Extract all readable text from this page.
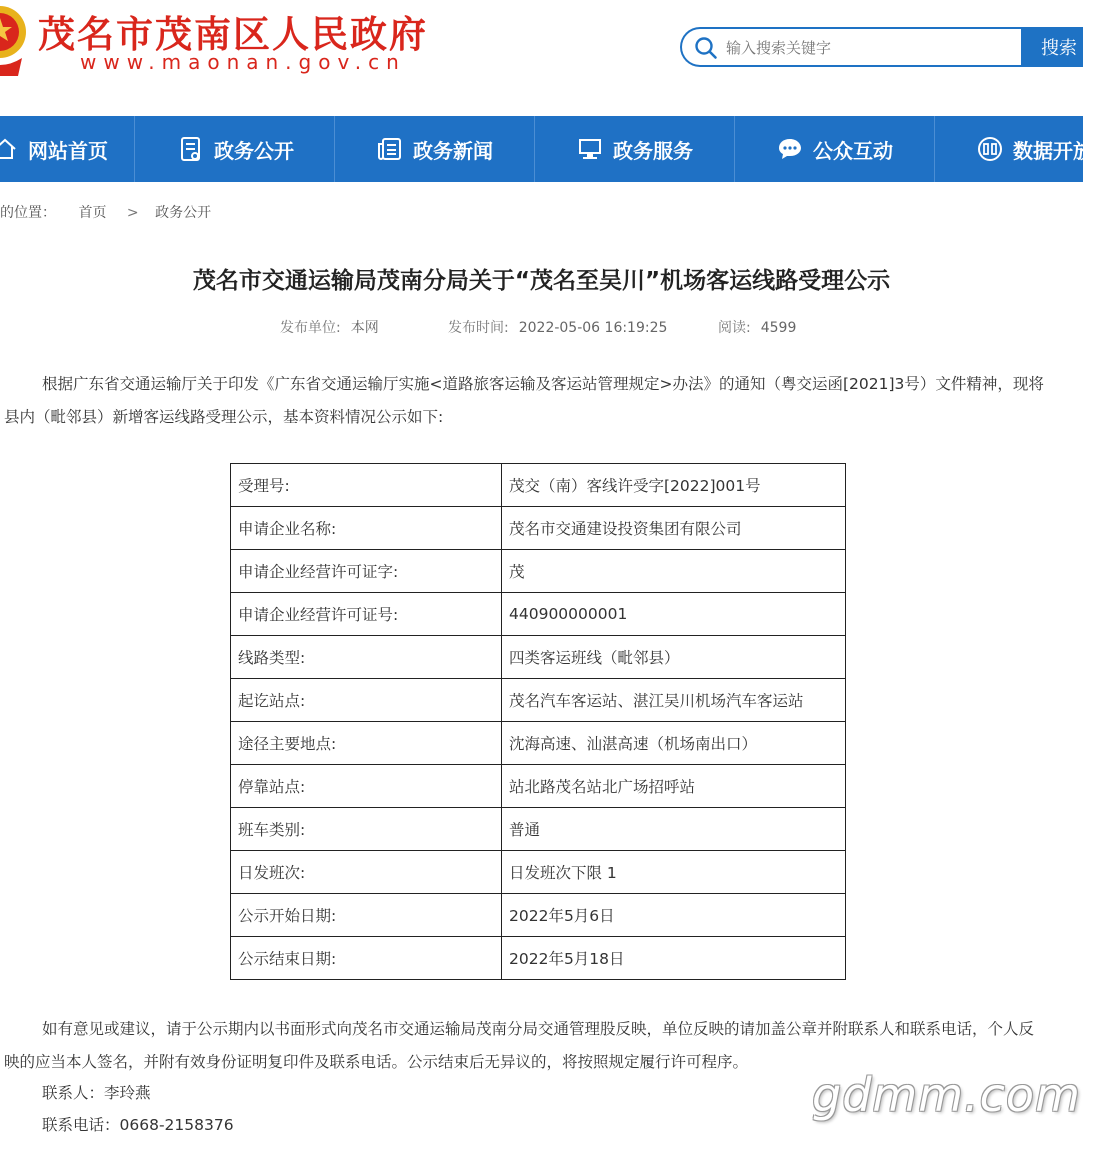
茂名市茂南区人民政府
www.maonan.gov.cn
输入搜索关键字
搜索
网站首页	政务公开	政务新闻	政务服务	公众互动	数据开放
的位置： 首页 > 政务公开
茂名市交通运输局茂南分局关于“茂名至吴川”机场客运线路受理公示
发布单位: 本网	发布时间: 2022-05-06 16:19:25	阅读: 4599
根据广东省交通运输厅关于印发《广东省交通运输厅实施<道路旅客运输及客运站管理规定>办法》的通知（粤交运函[2021]3号）文件精神，现将
县内（毗邻县）新增客运线路受理公示，基本资料情况公示如下:
受理号:	茂交（南）客线许受字[2022]001号
申请企业名称:	茂名市交通建设投资集团有限公司
申请企业经营许可证字:	茂
申请企业经营许可证号:	440900000001
线路类型:	四类客运班线（毗邻县）
起讫站点:	茂名汽车客运站、湛江吴川机场汽车客运站
途径主要地点:	沈海高速、汕湛高速（机场南出口）
停靠站点:	站北路茂名站北广场招呼站
班车类别:	普通
日发班次:	日发班次下限 1
公示开始日期:	2022年5月6日
公示结束日期:	2022年5月18日
如有意见或建议，请于公示期内以书面形式向茂名市交通运输局茂南分局交通管理股反映，单位反映的请加盖公章并附联系人和联系电话，个人反
映的应当本人签名，并附有效身份证明复印件及联系电话。公示结束后无异议的，将按照规定履行许可程序。
联系人：李玲燕
联系电话：0668-2158376
gdmm.com
